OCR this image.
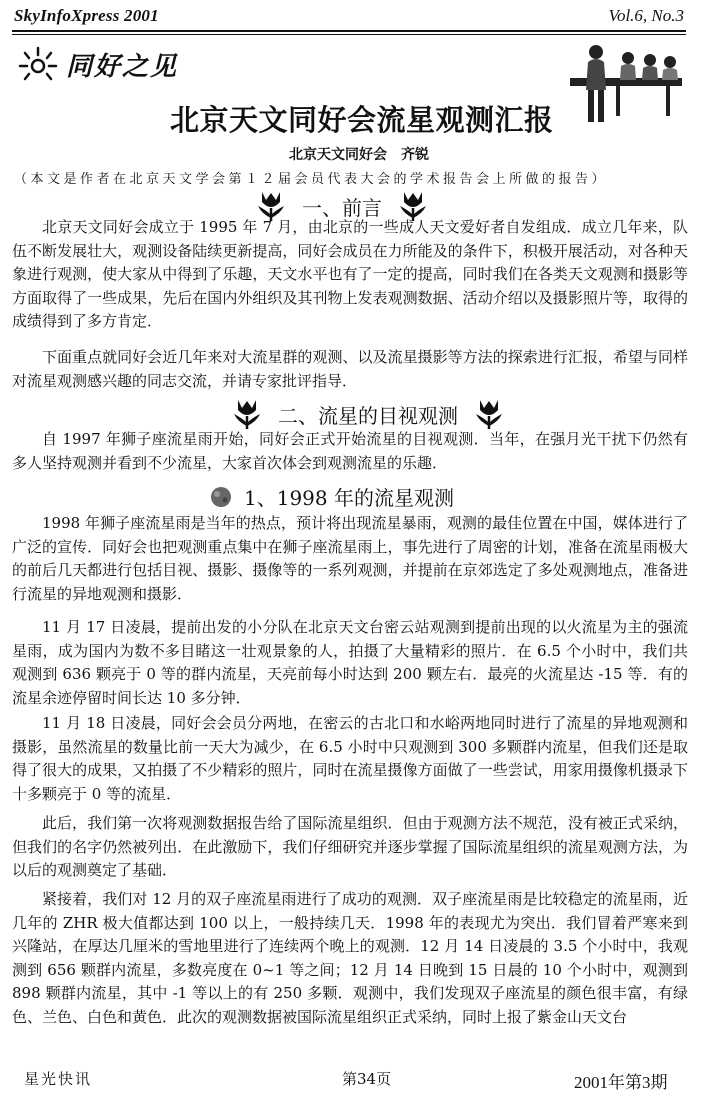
SkyInfoXpress 2001	Vol.6, No.3
同好之见
北京天文同好会流星观测汇报
北京天文同好会　齐锐
（本文是作者在北京天文学会第１２届会员代表大会的学术报告会上所做的报告）
一、前言

北京天文同好会成立于 1995 年 7 月，由北京的一些成人天文爱好者自发组成．成立几年来，队伍不断发展壮大，观测设备陆续更新提高，同好会成员在力所能及的条件下，积极开展活动，对各种天象进行观测，使大家从中得到了乐趣，天文水平也有了一定的提高，同时我们在各类天文观测和摄影等方面取得了一些成果，先后在国内外组织及其刊物上发表观测数据、活动介绍以及摄影照片等，取得的成绩得到了多方肯定．

下面重点就同好会近几年来对大流星群的观测、以及流星摄影等方法的探索进行汇报，希望与同样对流星观测感兴趣的同志交流，并请专家批评指导．

二、流星的目视观测

自 1997 年狮子座流星雨开始，同好会正式开始流星的目视观测．当年，在强月光干扰下仍然有多人坚持观测并看到不少流星，大家首次体会到观测流星的乐趣．

1、1998 年的流星观测

1998 年狮子座流星雨是当年的热点，预计将出现流星暴雨，观测的最佳位置在中国，媒体进行了广泛的宣传．同好会也把观测重点集中在狮子座流星雨上，事先进行了周密的计划，准备在流星雨极大的前后几天都进行包括目视、摄影、摄像等的一系列观测，并提前在京郊选定了多处观测地点，准备进行流星的异地观测和摄影．

11 月 17 日凌晨，提前出发的小分队在北京天文台密云站观测到提前出现的以火流星为主的强流星雨，成为国内为数不多目睹这一壮观景象的人，拍摄了大量精彩的照片．在 6.5 个小时中，我们共观测到 636 颗亮于 0 等的群内流星，天亮前每小时达到 200 颗左右．最亮的火流星达 -15 等．有的流星余迹停留时间长达 10 多分钟．

11 月 18 日凌晨，同好会会员分两地，在密云的古北口和水峪两地同时进行了流星的异地观测和摄影，虽然流星的数量比前一天大为减少，在 6.5 小时中只观测到 300 多颗群内流星，但我们还是取得了很大的成果，又拍摄了不少精彩的照片，同时在流星摄像方面做了一些尝试，用家用摄像机摄录下十多颗亮于 0 等的流星．

此后，我们第一次将观测数据报告给了国际流星组织．但由于观测方法不规范，没有被正式采纳，但我们的名字仍然被列出．在此激励下，我们仔细研究并逐步掌握了国际流星组织的流星观测方法，为以后的观测奠定了基础．

紧接着，我们对 12 月的双子座流星雨进行了成功的观测．双子座流星雨是比较稳定的流星雨，近几年的 ZHR 极大值都达到 100 以上，一般持续几天．1998 年的表现尤为突出．我们冒着严寒来到兴隆站，在厚达几厘米的雪地里进行了连续两个晚上的观测．12 月 14 日凌晨的 3.5 个小时中，我观测到 656 颗群内流星，多数亮度在 0~1 等之间；12 月 14 日晚到 15 日晨的 10 个小时中，观测到 898 颗群内流星，其中 -1 等以上的有 250 多颗．观测中，我们发现双子座流星的颜色很丰富，有绿色、兰色、白色和黄色．此次的观测数据被国际流星组织正式采纳，同时上报了紫金山天文台

星光快讯	第34页	2001年第3期
